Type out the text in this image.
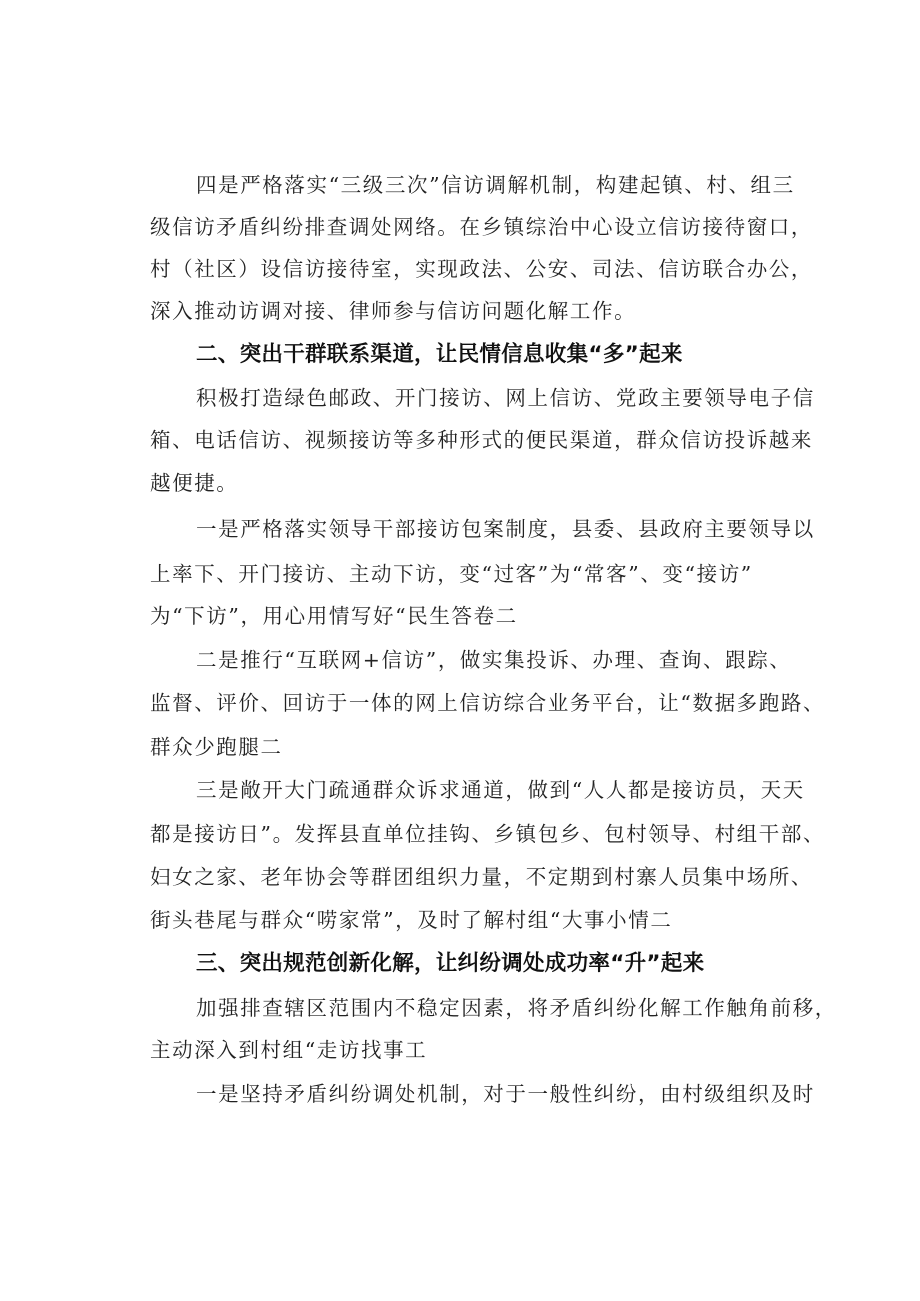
四是严格落实“三级三次”信访调解机制，构建起镇、村、组三
级信访矛盾纠纷排查调处网络。在乡镇综治中心设立信访接待窗口，
村（社区）设信访接待室，实现政法、公安、司法、信访联合办公，
深入推动访调对接、律师参与信访问题化解工作。
二、突出干群联系渠道，让民情信息收集“多”起来
积极打造绿色邮政、开门接访、网上信访、党政主要领导电子信
箱、电话信访、视频接访等多种形式的便民渠道，群众信访投诉越来
越便捷。
一是严格落实领导干部接访包案制度，县委、县政府主要领导以
上率下、开门接访、主动下访，变“过客”为“常客”、变“接访”
为“下访”，用心用情写好“民生答卷二
二是推行“互联网+信访”，做实集投诉、办理、查询、跟踪、
监督、评价、回访于一体的网上信访综合业务平台，让“数据多跑路、
群众少跑腿二
三是敞开大门疏通群众诉求通道，做到“人人都是接访员，天天
都是接访日”。发挥县直单位挂钩、乡镇包乡、包村领导、村组干部、
妇女之家、老年协会等群团组织力量，不定期到村寨人员集中场所、
街头巷尾与群众“唠家常”，及时了解村组“大事小情二
三、突出规范创新化解，让纠纷调处成功率“升”起来
加强排查辖区范围内不稳定因素，将矛盾纠纷化解工作触角前移，
主动深入到村组“走访找事工
一是坚持矛盾纠纷调处机制，对于一般性纠纷，由村级组织及时
